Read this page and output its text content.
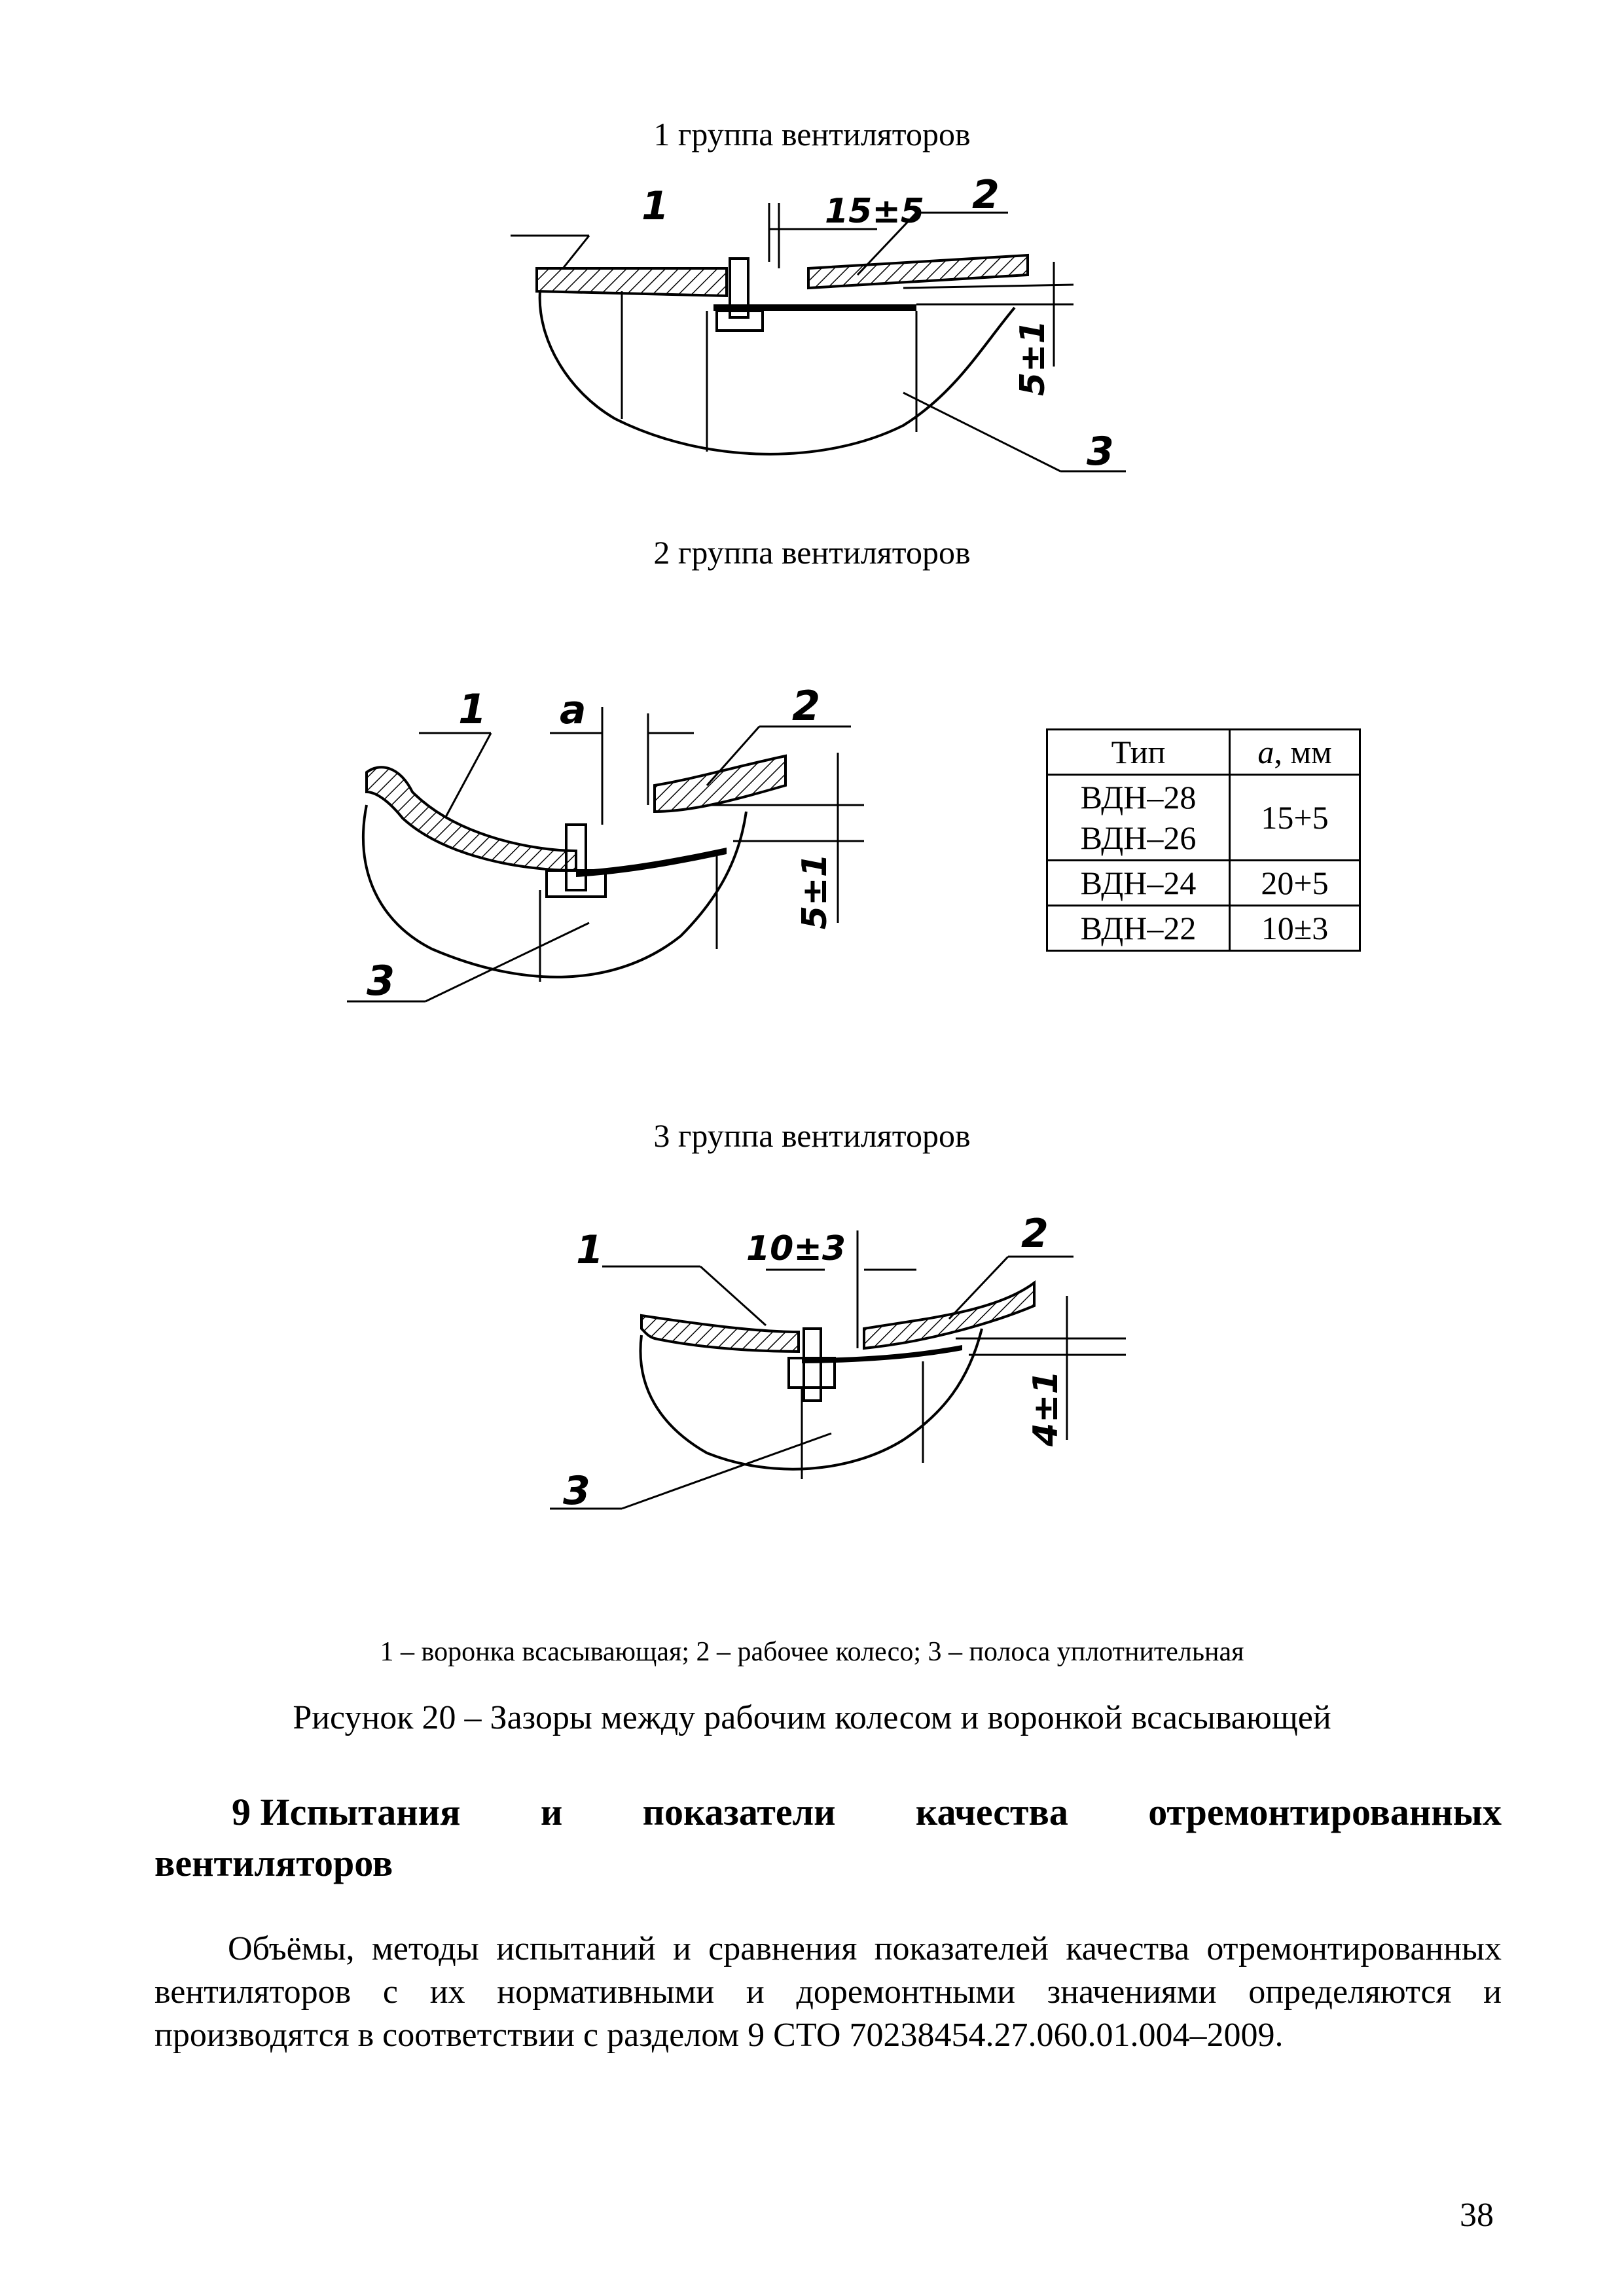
1 группа вентиляторов
1	2
3
15±5
5±1
2 группа вентиляторов
1	2
3
a
5±1
Тип	a, мм
ВДН–28
ВДН–26	15+5
ВДН–24	20+5
ВДН–22	10±3
3 группа вентиляторов
1	2
3
10±3
4±1
1 – воронка всасывающая; 2 – рабочее колесо; 3 – полоса уплотнительная
Рисунок 20 – Зазоры между рабочим колесом и воронкой всасывающей
9 Испытания и показатели качества отремонтированных
вентиляторов
Объёмы, методы испытаний и сравнения показателей качества отремонтированных вентиляторов с их нормативными и доремонтными значениями определяются и производятся в соответствии с разделом 9 СТО 70238454.27.060.01.004–2009.
38
